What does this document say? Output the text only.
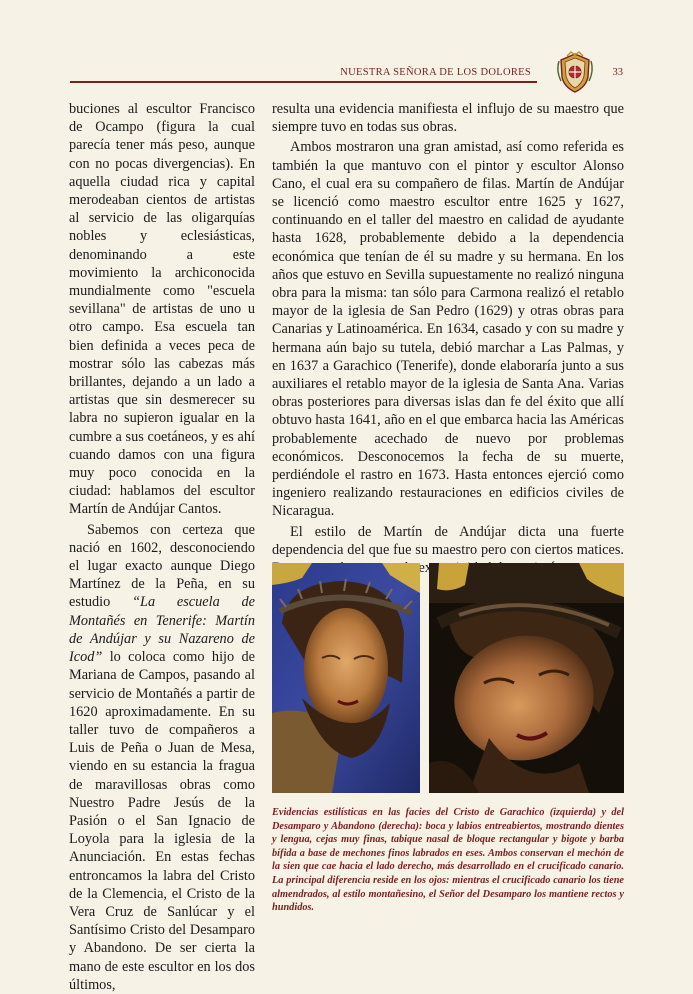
NUESTRA SEÑORA DE LOS DOLORES	33

buciones al escultor Francisco de Ocampo (figura la cual parecía tener más peso, aunque con no pocas divergencias). En aquella ciudad rica y capital merodeaban cientos de artistas al servicio de las oligarquías nobles y eclesiásticas, denominando a este movimiento la archiconocida mundialmente como "escuela sevillana" de artistas de uno u otro campo. Esa escuela tan bien definida a veces peca de mostrar sólo las cabezas más brillantes, dejando a un lado a artistas que sin desmerecer su labra no supieron igualar en la cumbre a sus coetáneos, y es ahí cuando damos con una figura muy poco conocida en la ciudad: hablamos del escultor Martín de Andújar Cantos.

Sabemos con certeza que nació en 1602, desconociendo el lugar exacto aunque Diego Martínez de la Peña, en su estudio “La escuela de Montañés en Tenerife: Martín de Andújar y su Nazareno de Icod” lo coloca como hijo de Mariana de Campos, pasando al servicio de Montañés a partir de 1620 aproximadamente. En su taller tuvo de compañeros a Luis de Peña o Juan de Mesa, viendo en su estancia la fragua de maravillosas obras como Nuestro Padre Jesús de la Pasión o el San Ignacio de Loyola para la iglesia de la Anunciación. En estas fechas entroncamos la labra del Cristo de la Clemencia, el Cristo de la Vera Cruz de Sanlúcar y el Santísimo Cristo del Desamparo y Abandono. De ser cierta la mano de este escultor en los dos últimos,

resulta una evidencia manifiesta el influjo de su maestro que siempre tuvo en todas sus obras.

Ambos mostraron una gran amistad, así como referida es también la que mantuvo con el pintor y escultor Alonso Cano, el cual era su compañero de filas. Martín de Andújar se licenció como maestro escultor entre 1625 y 1627, continuando en el taller del maestro en calidad de ayudante hasta 1628, probablemente debido a la dependencia económica que tenían de él su madre y su hermana. En los años que estuvo en Sevilla supuestamente no realizó ninguna obra para la misma: tan sólo para Carmona realizó el retablo mayor de la iglesia de San Pedro (1629) y otras obras para Canarias y Latinoamérica. En 1634, casado y con su madre y hermana aún bajo su tutela, debió marchar a Las Palmas, y en 1637 a Garachico (Tenerife), donde elaboraría junto a sus auxiliares el retablo mayor de la iglesia de Santa Ana. Varias obras posteriores para diversas islas dan fe del éxito que allí obtuvo hasta 1641, año en el que embarca hacia las Américas probablemente acechado de nuevo por problemas económicos. Desconocemos la fecha de su muerte, perdiéndole el rastro en 1673. Hasta entonces ejerció como ingeniero realizando restauraciones en edificios civiles de Nicaragua.

El estilo de Martín de Andújar dicta una fuerte dependencia del que fue su maestro pero con ciertos matices.

Evidencias estilísticas en las facies del Cristo de Garachico (izquierda) y del Desamparo y Abandono (derecha): boca y labios entreabiertos, mostrando dientes y lengua, cejas muy finas, tabique nasal de bloque rectangular y bigote y barba bífida a base de mechones finos labrados en eses. Ambos conservan el mechón de la sien que cae hacia el lado derecho, más desarrollado en el crucificado canario. La principal diferencia reside en los ojos: mientras el crucificado canario los tiene almendrados, al estilo montañesino, el Señor del Desamparo los mantiene rectos y hundidos.
